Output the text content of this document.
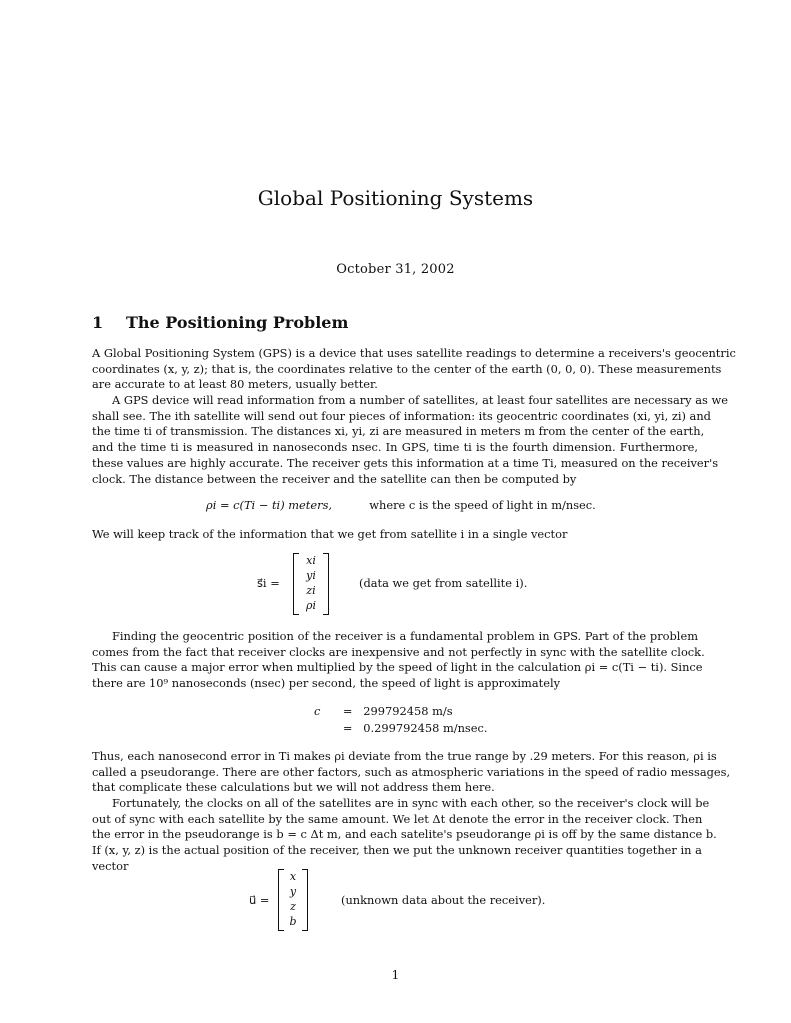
Global Positioning Systems
October 31, 2002
1 The Positioning Problem
A Global Positioning System (GPS) is a device that uses satellite readings to determine a receivers's geocentric
coordinates (x, y, z); that is, the coordinates relative to the center of the earth (0, 0, 0). These measurements
are accurate to at least 80 meters, usually better.
A GPS device will read information from a number of satellites, at least four satellites are necessary as we
shall see. The ith satellite will send out four pieces of information: its geocentric coordinates (xi, yi, zi) and
the time ti of transmission. The distances xi, yi, zi are measured in meters m from the center of the earth,
and the time ti is measured in nanoseconds nsec. In GPS, time ti is the fourth dimension. Furthermore,
these values are highly accurate. The receiver gets this information at a time Ti, measured on the receiver's
clock. The distance between the receiver and the satellite can then be computed by
ρi = c(Ti − ti) meters,	where c is the speed of light in m/nsec.
We will keep track of the information that we get from satellite i in a single vector
s⃗i =
xi
yi
zi
ρi
(data we get from satellite i).
Finding the geocentric position of the receiver is a fundamental problem in GPS. Part of the problem
comes from the fact that receiver clocks are inexpensive and not perfectly in sync with the satellite clock.
This can cause a major error when multiplied by the speed of light in the calculation ρi = c(Ti − ti). Since
there are 10⁹ nanoseconds (nsec) per second, the speed of light is approximately
c = 299792458 m/s
= 0.299792458 m/nsec.
Thus, each nanosecond error in Ti makes ρi deviate from the true range by .29 meters. For this reason, ρi is
called a pseudorange. There are other factors, such as atmospheric variations in the speed of radio messages,
that complicate these calculations but we will not address them here.
Fortunately, the clocks on all of the satellites are in sync with each other, so the receiver's clock will be
out of sync with each satellite by the same amount. We let Δt denote the error in the receiver clock. Then
the error in the pseudorange is b = c Δt m, and each satelite's pseudorange ρi is off by the same distance b.
If (x, y, z) is the actual position of the receiver, then we put the unknown receiver quantities together in a
vector
u⃗ =
x
y
z
b
(unknown data about the receiver).
1
